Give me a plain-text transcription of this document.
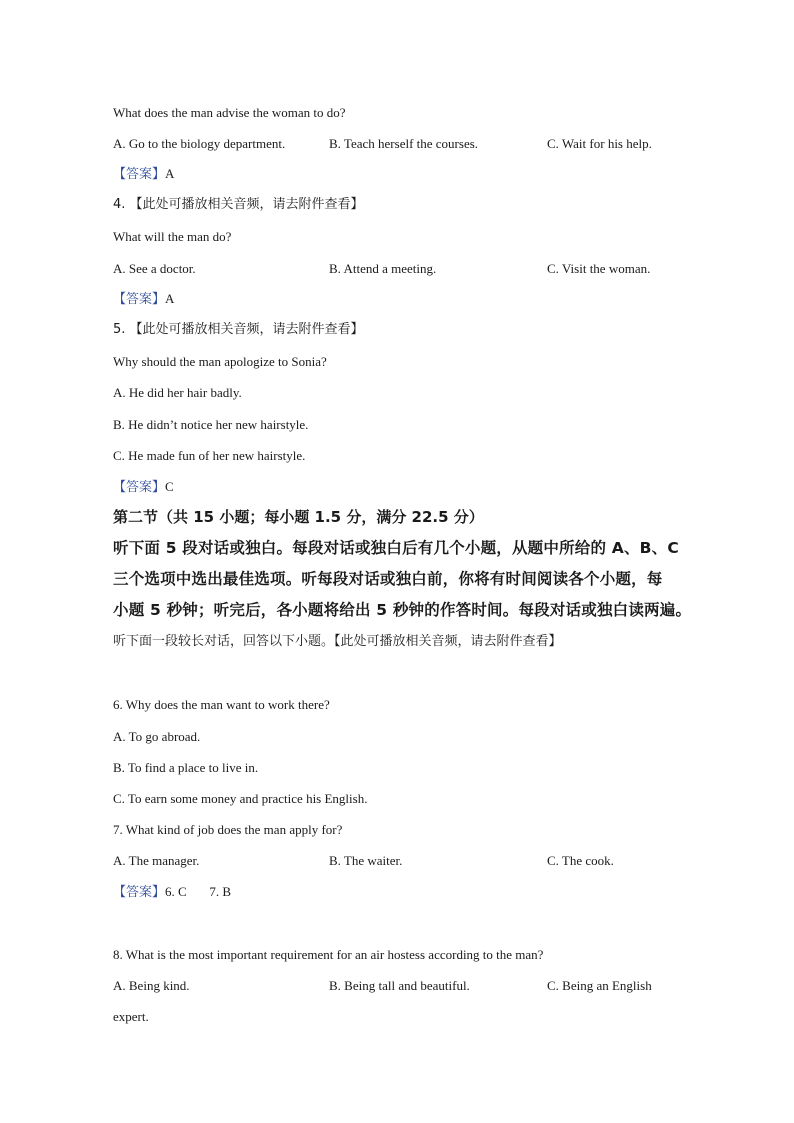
What does the man advise the woman to do?
A. Go to the biology department.	B. Teach herself the courses.	C. Wait for his help.
【答案】A
4. 【此处可播放相关音频，请去附件查看】
What will the man do?
A. See a doctor.	B. Attend a meeting.	C. Visit the woman.
【答案】A
5. 【此处可播放相关音频，请去附件查看】
Why should the man apologize to Sonia?
A. He did her hair badly.
B. He didn’t notice her new hairstyle.
C. He made fun of her new hairstyle.
【答案】C
第二节（共 15 小题；每小题 1.5 分，满分 22.5 分）
听下面 5 段对话或独白。每段对话或独白后有几个小题，从题中所给的 A、B、C
三个选项中选出最佳选项。听每段对话或独白前，你将有时间阅读各个小题，每
小题 5 秒钟；听完后，各小题将给出 5 秒钟的作答时间。每段对话或独白读两遍。
听下面一段较长对话，回答以下小题。【此处可播放相关音频，请去附件查看】
6. Why does the man want to work there?
A. To go abroad.
B. To find a place to live in.
C. To earn some money and practice his English.
7. What kind of job does the man apply for?
A. The manager.	B. The waiter.	C. The cook.
【答案】6. C       7. B
8. What is the most important requirement for an air hostess according to the man?
A. Being kind.	B. Being tall and beautiful.	C. Being an English
expert.
